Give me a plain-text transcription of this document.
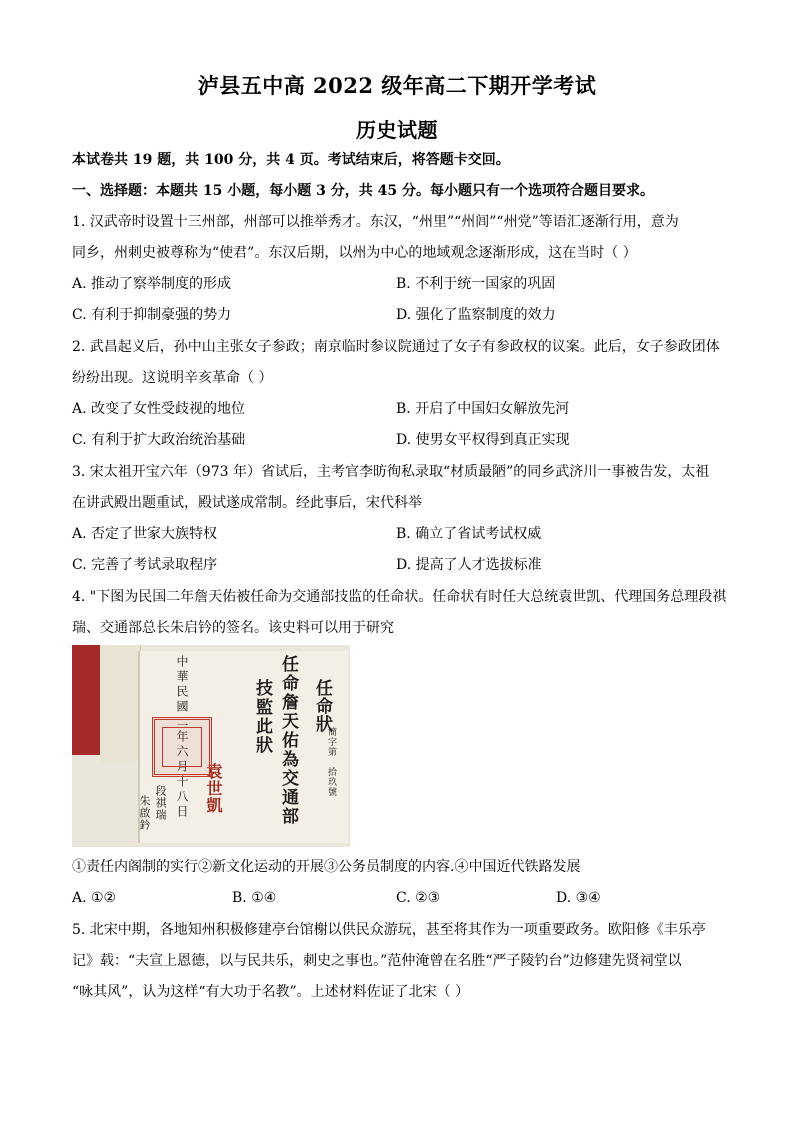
泸县五中高 2022 级年高二下期开学考试
历史试题
本试卷共 19 题，共 100 分，共 4 页。考试结束后，将答题卡交回。
一、选择题：本题共 15 小题，每小题 3 分，共 45 分。每小题只有一个选项符合题目要求。
1. 汉武帝时设置十三州部，州部可以推举秀才。东汉，“州里”“州闾”“州党”等语汇逐渐行用，意为
同乡，州刺史被尊称为“使君”。东汉后期，以州为中心的地域观念逐渐形成，这在当时（ ）
A. 推动了察举制度的形成	B. 不利于统一国家的巩固
C. 有利于抑制豪强的势力	D. 强化了监察制度的效力
2. 武昌起义后，孙中山主张女子参政；南京临时参议院通过了女子有参政权的议案。此后，女子参政团体
纷纷出现。这说明辛亥革命（ ）
A. 改变了女性受歧视的地位	B. 开启了中国妇女解放先河
C. 有利于扩大政治统治基础	D. 使男女平权得到真正实现
3. 宋太祖开宝六年（973 年）省试后，主考官李昉徇私录取“材质最陋”的同乡武济川一事被告发，太祖
在讲武殿出题重试，殿试遂成常制。经此事后，宋代科举
A. 否定了世家大族特权	B. 确立了省试考试权威
C. 完善了考试录取程序	D. 提高了人才选拔标准
4. "下图为民国二年詹天佑被任命为交通部技监的任命状。任命状有时任大总统袁世凯、代理国务总理段祺
瑞、交通部总长朱启钤的签名。该史料可以用于研究
任命狀
簡字第
拾玖號
任命詹天佑為交通部
技監此狀
袁世凱
中華民國二年六月十八日
段祺瑞
朱啟鈐
①责任内阁制的实行②新文化运动的开展③公务员制度的内容.④中国近代铁路发展
A. ①②	B. ①④	C. ②③	D. ③④
5. 北宋中期，各地知州积极修建亭台馆榭以供民众游玩，甚至将其作为一项重要政务。欧阳修《丰乐亭
记》载：“夫宣上恩德，以与民共乐，刺史之事也。”范仲淹曾在名胜“严子陵钓台”边修建先贤祠堂以
“咏其风”，认为这样“有大功于名教”。上述材料佐证了北宋（ ）
